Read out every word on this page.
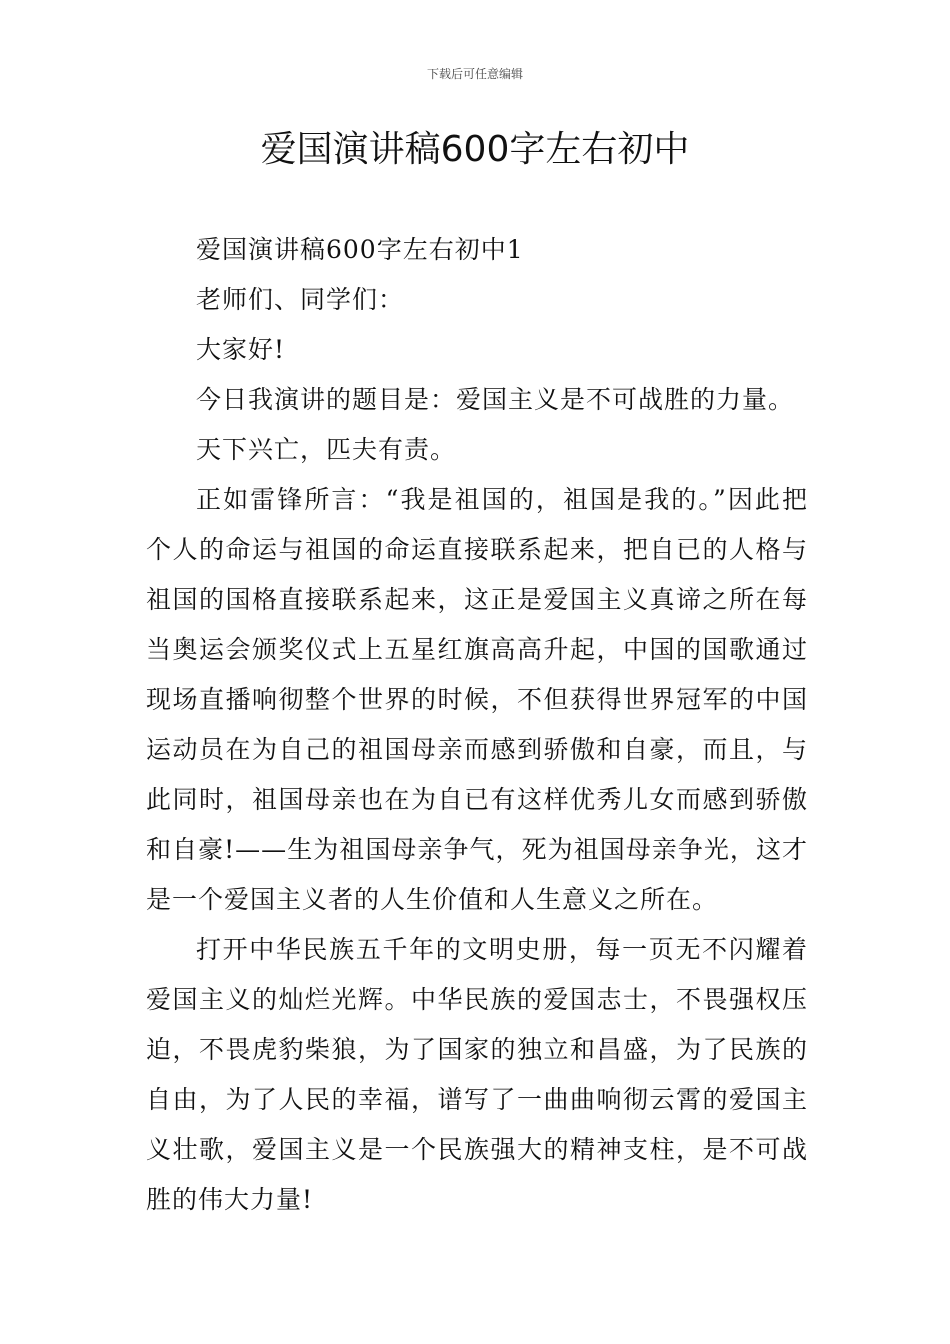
下载后可任意编辑
爱国演讲稿600字左右初中

爱国演讲稿600字左右初中1

老师们、同学们：

大家好!

今日我演讲的题目是：爱国主义是不可战胜的力量。

天下兴亡，匹夫有责。

正如雷锋所言：“我是祖国的，祖国是我的。”因此把个人的命运与祖国的命运直接联系起来，把自已的人格与祖国的国格直接联系起来，这正是爱国主义真谛之所在每当奥运会颁奖仪式上五星红旗高高升起，中国的国歌通过现场直播响彻整个世界的时候，不但获得世界冠军的中国运动员在为自己的祖国母亲而感到骄傲和自豪，而且，与此同时，祖国母亲也在为自已有这样优秀儿女而感到骄傲和自豪!——生为祖国母亲争气，死为祖国母亲争光，这才是一个爱国主义者的人生价值和人生意义之所在。

打开中华民族五千年的文明史册，每一页无不闪耀着爱国主义的灿烂光辉。中华民族的爱国志士，不畏强权压迫，不畏虎豹柴狼，为了国家的独立和昌盛，为了民族的自由，为了人民的幸福，谱写了一曲曲响彻云霄的爱国主义壮歌，爱国主义是一个民族强大的精神支柱，是不可战胜的伟大力量!
